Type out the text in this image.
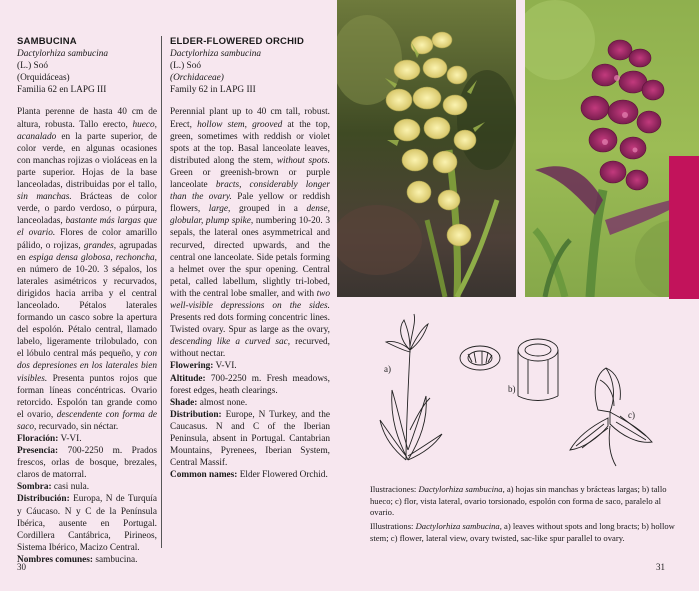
SAMBUCINA

Dactylorhiza sambucina

(L.) Soó

(Orquidáceas)

Familia 62 en LAPG III

Planta perenne de hasta 40 cm de altura, robusta. Tallo erecto, hueco, acanalado en la parte superior, de color verde, en algunas ocasiones con manchas rojizas o violáceas en la parte superior. Hojas de la base lanceoladas, distribuidas por el tallo, sin manchas. Brácteas de color verde, o pardo verdoso, o púrpura, lanceoladas, bastante más largas que el ovario. Flores de color amarillo pálido, o rojizas, grandes, agrupadas en espiga densa globosa, rechoncha, en número de 10-20. 3 sépalos, los laterales asimétricos y recurvados, dirigidos hacia arriba y el central lanceolado. Pétalos laterales formando un casco sobre la apertura del espolón. Pétalo central, llamado labelo, ligeramente trilobulado, con el lóbulo central más pequeño, y con dos depresiones en los laterales bien visibles. Presenta puntos rojos que forman líneas concéntricas. Ovario retorcido. Espolón tan grande como el ovario, descendente con forma de saco, recurvado, sin néctar.

Floración: V-VI.

Presencia: 700-2250 m. Prados frescos, orlas de bosque, brezales, claros de matorral.

Sombra: casi nula.

Distribución: Europa, N de Turquía y Cáucaso. N y C de la Península Ibérica, ausente en Portugal. Cordillera Cantábrica, Pirineos, Sistema Ibérico, Macizo Central.

Nombres comunes: sambucina.

ELDER-FLOWERED ORCHID

Dactylorhiza sambucina

(L.) Soó

(Orchidaceae)

Family 62 in LAPG III

Perennial plant up to 40 cm tall, robust. Erect, hollow stem, grooved at the top, green, sometimes with reddish or violet spots at the top. Basal lanceolate leaves, distributed along the stem, without spots. Green or greenish-brown or purple lanceolate bracts, considerably longer than the ovary. Pale yellow or reddish flowers, large, grouped in a dense, globular, plump spike, numbering 10-20. 3 sepals, the lateral ones asymmetrical and recurved, directed upwards, and the central one lanceolate. Side petals forming a helmet over the spur opening. Central petal, called labellum, slightly tri-lobed, with the central lobe smaller, and with two well-visible depressions on the sides. Presents red dots forming concentric lines. Twisted ovary. Spur as large as the ovary, descending like a curved sac, recurved, without nectar.

Flowering: V-VI.

Altitude: 700-2250 m. Fresh meadows, forest edges, heath clearings.

Shade: almost none.

Distribution: Europe, N Turkey, and the Caucasus. N and C of the Iberian Peninsula, absent in Portugal. Cantabrian Mountains, Pyrenees, Iberian System, Central Massif.

Common names: Elder Flowered Orchid.

30
a)
b)
c)

Ilustraciones: Dactylorhiza sambucina, a) hojas sin manchas y brácteas largas; b) tallo hueco; c) flor, vista lateral, ovario torsionado, espolón con forma de saco, paralelo al ovario.

Illustrations: Dactylorhiza sambucina, a) leaves without spots and long bracts; b) hollow stem; c) flower, lateral view, ovary twisted, sac-like spur parallel to ovary.

31
